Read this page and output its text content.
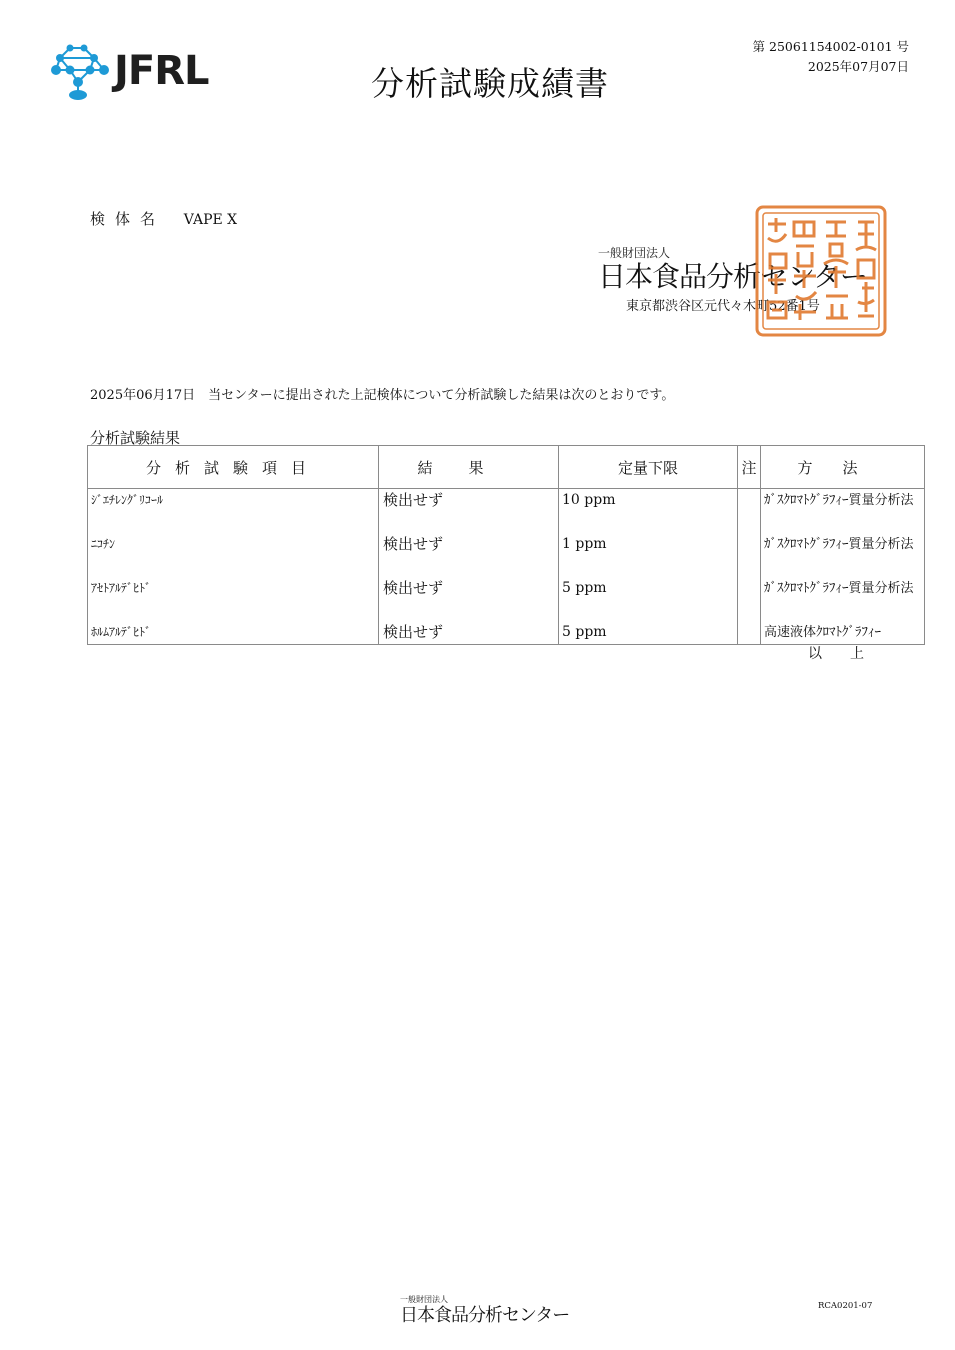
JFRL	分析試験成績書
第 25061154002-0101 号
2025年07月07日
検体名 VAPE X
一般財団法人
日本食品分析センター
東京都渋谷区元代々木町52番1号
2025年06月17日　当センターに提出された上記検体について分析試験した結果は次のとおりです。
分析試験結果
分析試験項目	結果	定量下限	注	方法
ｼﾞｴﾁﾚﾝｸﾞﾘｺｰﾙ	検出せず	10 ppm		ｶﾞｽｸﾛﾏﾄｸﾞﾗﾌｨｰ質量分析法
ﾆｺﾁﾝ	検出せず	1 ppm		ｶﾞｽｸﾛﾏﾄｸﾞﾗﾌｨｰ質量分析法
ｱｾﾄｱﾙﾃﾞﾋﾄﾞ	検出せず	5 ppm		ｶﾞｽｸﾛﾏﾄｸﾞﾗﾌｨｰ質量分析法
ﾎﾙﾑｱﾙﾃﾞﾋﾄﾞ	検出せず	5 ppm		高速液体ｸﾛﾏﾄｸﾞﾗﾌｨｰ
以上
一般財団法人
日本食品分析センター	RCA0201-07
